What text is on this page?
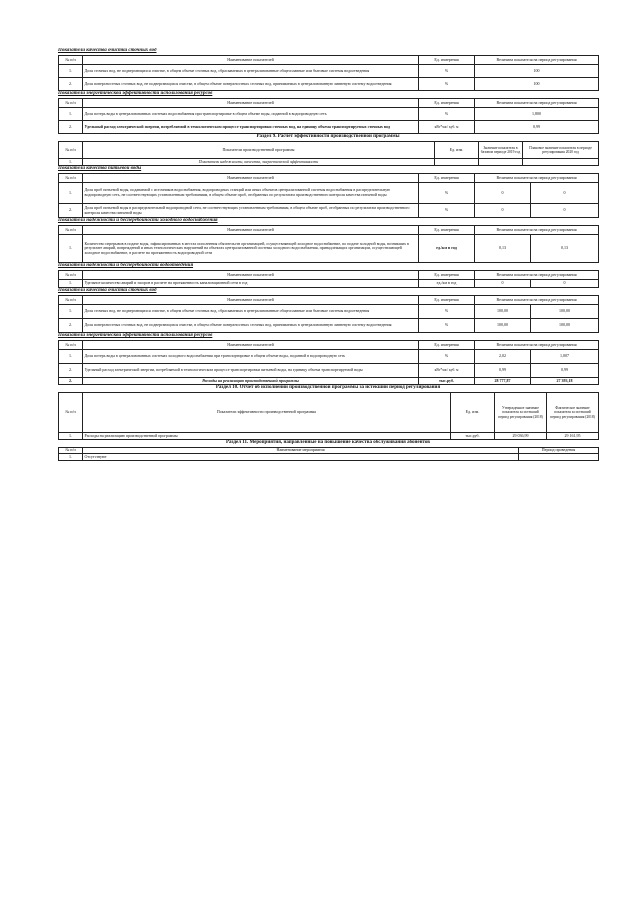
Показатели качества очистки сточных вод
№ п/п	Наименование показателей	Ед. измерения	Величина показателя на период регулирования
1.	Доля сточных вод, не подвергающихся очистке, в общем объеме сточных вод, сбрасываемых в централизованные общесплавные или бытовые системы водоотведения	%	100
2.	Доля поверхностных сточных вод, не подвергающихся очистке, в общем объеме поверхностных сточных вод, принимаемых в централизованную ливневую систему водоотведения	%	100
Показатели энергетической эффективности использования ресурсов
№ п/п	Наименование показателей	Ед. измерения	Величина показателя на период регулирования
1.	Доля потерь воды в централизованных системах водоснабжения при транспортировке в общем объеме воды, поданной в водопроводную сеть	%	1,800
2.	Удельный расход электрической энергии, потребляемой в технологическом процессе транспортировки сточных вод, на единицу объема транспортируемых сточных вод	кВт*час/ куб. м	0,99
Раздел 9. Расчет эффективности производственной программы
№ п/п	Показатели производственной программы	Ед. изм.	Значение показателя в базовом периоде 2019 год	Плановое значение показателя в периоде регулирования 2020 год
1.	Показатели надежности, качества, энергетической эффективности			
Показатели качества питьевой воды
№ п/п	Наименование показателей	Ед. измерения	Величина показателя на период регулирования	
1.	Доля проб питьевой воды, подаваемой с источников водоснабжения, водопроводных станций или иных объектов централизованной системы водоснабжения в распределительную водопроводную сеть, не соответствующих установленным требованиям, в общем объеме проб, отобранных по результатам производственного контроля качества питьевой воды	%	0	0
2.	Доля проб питьевой воды в распределительной водопроводной сети, не соответствующих установленным требованиям, в общем объеме проб, отобранных по результатам производственного контроля качества питьевой воды	%	0	0
Показатели надежности и бесперебойности холодного водоснабжения
№ п/п	Наименование показателей	Ед. измерения	Величина показателя на период регулирования	
1.	Количество перерывов в подаче воды, зафиксированных в местах исполнения обязательств организацией, осуществляющей холодное водоснабжение, по подаче холодной воды, возникших в результате аварий, повреждений и иных технологических нарушений на объектах централизованной системы холодного водоснабжения, принадлежащих организации, осуществляющей холодное водоснабжение, в расчете на протяженность водопроводной сети	ед./км в год	0,13	0,13
Показатели надежности и бесперебойности водоотведения
№ п/п	Наименование показателей	Ед. измерения	Величина показателя на период регулирования	
1.	Удельное количество аварий и засоров в расчете на протяженность канализационной сети в год	ед./км в год	0	0
Показатели качества очистки сточных вод
№ п/п	Наименование показателей	Ед. измерения	Величина показателя на период регулирования	
1.	Доля сточных вод, не подвергающихся очистке, в общем объеме сточных вод, сбрасываемых в централизованные общесплавные или бытовые системы водоотведения	%	100,00	100,00
2.	Доля поверхностных сточных вод, не подвергающихся очистке, в общем объеме поверхностных сточных вод, принимаемых в централизованную ливневую систему водоотведения	%	100,00	100,00
Показатели энергетической эффективности использования ресурсов
№ п/п	Наименование показателей	Ед. измерения	Величина показателя на период регулирования	
1.	Доля потерь воды в централизованных системах холодного водоснабжения при транспортировке в общем объеме воды, поданной в водопроводную сеть	%	2,02	1,007
2.	Удельный расход электрической энергии, потребляемой в технологическом процессе транспортировки питьевой воды, на единицу объема транспортируемой воды	кВт*час/ куб. м	0,99	0,99
2.	Расходы на реализацию производственной программы	тыс.руб.	28 777,87	27 393,18
Раздел 10. Отчет об исполнении производственной программы за истекший период регулирования
№ п/п	Показатели эффективности производственной программы	Ед. изм.	Утвержденное значение показателя за истекший период регулирования (2018)	Фактическое значение показателя за истекший период регулирования (2018)
1.	Расходы на реализацию производственной программы	тыс.руб.	29 036,99	29 161,95
Раздел 11. Мероприятия, направленные на повышение качества обслуживания абонентов
№ п/п	Наименование мероприятия	Период проведения
1.	Отсутствуют	
